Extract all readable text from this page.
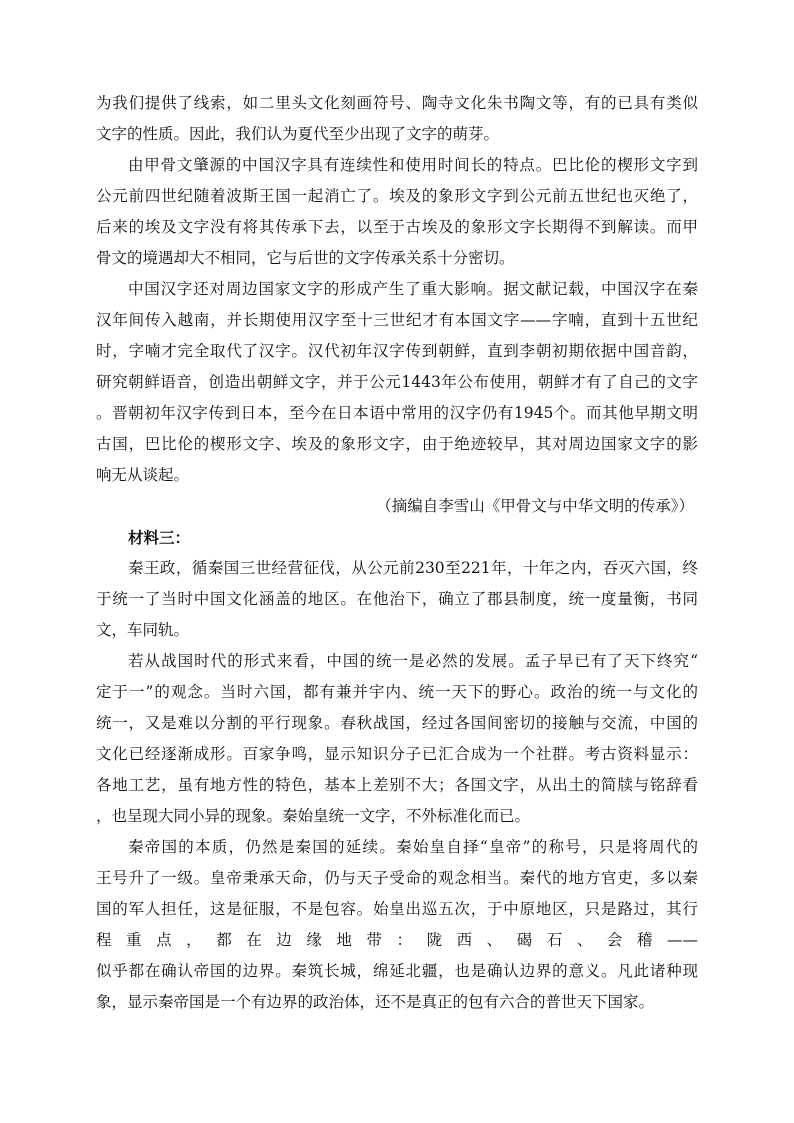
为我们提供了线索，如二里头文化刻画符号、陶寺文化朱书陶文等，有的已具有类似
文字的性质。因此，我们认为夏代至少出现了文字的萌芽。
由甲骨文肇源的中国汉字具有连续性和使用时间长的特点。巴比伦的楔形文字到
公元前四世纪随着波斯王国一起消亡了。埃及的象形文字到公元前五世纪也灭绝了，
后来的埃及文字没有将其传承下去，以至于古埃及的象形文字长期得不到解读。而甲
骨文的境遇却大不相同，它与后世的文字传承关系十分密切。
中国汉字还对周边国家文字的形成产生了重大影响。据文献记载，中国汉字在秦
汉年间传入越南，并长期使用汉字至十三世纪才有本国文字——字喃，直到十五世纪
时，字喃才完全取代了汉字。汉代初年汉字传到朝鲜，直到李朝初期依据中国音韵，
研究朝鲜语音，创造出朝鲜文字，并于公元1443年公布使用，朝鲜才有了自己的文字
。晋朝初年汉字传到日本，至今在日本语中常用的汉字仍有1945个。而其他早期文明
古国，巴比伦的楔形文字、埃及的象形文字，由于绝迹较早，其对周边国家文字的影
响无从谈起。
（摘编自李雪山《甲骨文与中华文明的传承》）
材料三：
秦王政，循秦国三世经营征伐，从公元前230至221年，十年之内，吞灭六国，终
于统一了当时中国文化涵盖的地区。在他治下，确立了郡县制度，统一度量衡，书同
文，车同轨。
若从战国时代的形式来看，中国的统一是必然的发展。孟子早已有了天下终究“
定于一”的观念。当时六国，都有兼并宇内、统一天下的野心。政治的统一与文化的
统一，又是难以分割的平行现象。春秋战国，经过各国间密切的接触与交流，中国的
文化已经逐渐成形。百家争鸣，显示知识分子已汇合成为一个社群。考古资料显示：
各地工艺，虽有地方性的特色，基本上差别不大；各国文字，从出土的简牍与铭辞看
，也呈现大同小异的现象。秦始皇统一文字，不外标准化而已。
秦帝国的本质，仍然是秦国的延续。秦始皇自择“皇帝”的称号，只是将周代的
王号升了一级。皇帝秉承天命，仍与天子受命的观念相当。秦代的地方官吏，多以秦
国的军人担任，这是征服，不是包容。始皇出巡五次，于中原地区，只是路过，其行
程重点，都在边缘地带：陇西、碣石、会稽——
似乎都在确认帝国的边界。秦筑长城，绵延北疆，也是确认边界的意义。凡此诸种现
象，显示秦帝国是一个有边界的政治体，还不是真正的包有六合的普世天下国家。
